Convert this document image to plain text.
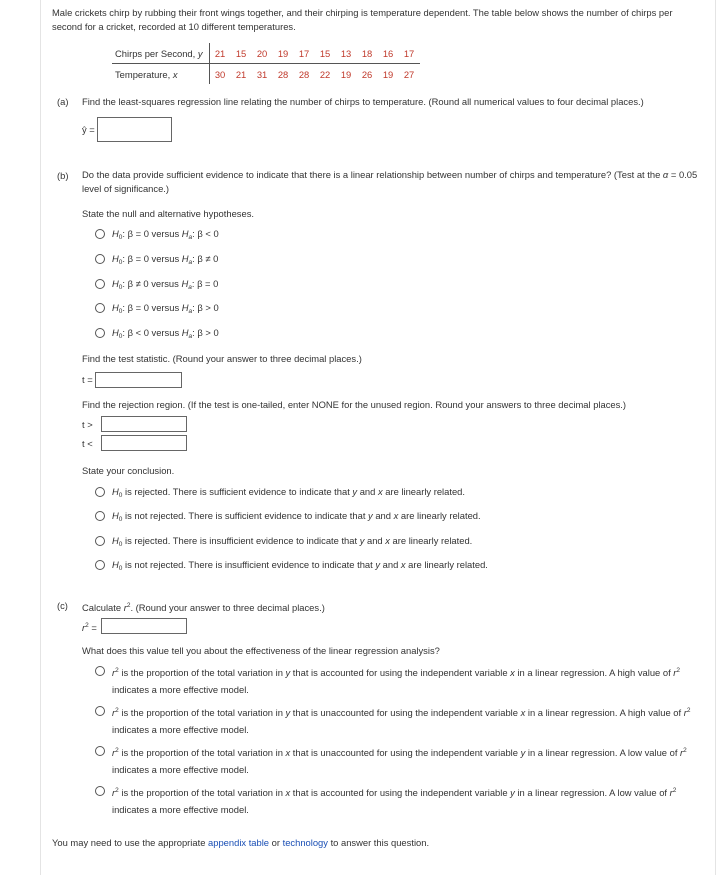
Male crickets chirp by rubbing their front wings together, and their chirping is temperature dependent. The table below shows the number of chirps per second for a cricket, recorded at 10 different temperatures.
Chirps per Second, y	21	15	20	19	17	15	13	18	16	17
Temperature, x	30	21	31	28	28	22	19	26	19	27
(a) Find the least-squares regression line relating the number of chirps to temperature. (Round all numerical values to four decimal places.)
ŷ =
(b) Do the data provide sufficient evidence to indicate that there is a linear relationship between number of chirps and temperature? (Test at the α = 0.05 level of significance.)
State the null and alternative hypotheses.
$H_0$: β = 0 versus $H_a$: β < 0
$H_0$: β = 0 versus $H_a$: β ≠ 0
$H_0$: β ≠ 0 versus $H_a$: β = 0
$H_0$: β = 0 versus $H_a$: β > 0
$H_0$: β < 0 versus $H_a$: β > 0
Find the test statistic. (Round your answer to three decimal places.)
t =
Find the rejection region. (If the test is one-tailed, enter NONE for the unused region. Round your answers to three decimal places.)
t >
t <
State your conclusion.
$H_0$ is rejected. There is sufficient evidence to indicate that y and x are linearly related.
$H_0$ is not rejected. There is sufficient evidence to indicate that y and x are linearly related.
$H_0$ is rejected. There is insufficient evidence to indicate that y and x are linearly related.
$H_0$ is not rejected. There is insufficient evidence to indicate that y and x are linearly related.
(c) Calculate $r^2$. (Round your answer to three decimal places.)
$r^2$ =
What does this value tell you about the effectiveness of the linear regression analysis?
$r^2$ is the proportion of the total variation in y that is accounted for using the independent variable x in a linear regression. A high value of $r^2$ indicates a more effective model.
$r^2$ is the proportion of the total variation in y that is unaccounted for using the independent variable x in a linear regression. A high value of $r^2$ indicates a more effective model.
$r^2$ is the proportion of the total variation in x that is unaccounted for using the independent variable y in a linear regression. A low value of $r^2$ indicates a more effective model.
$r^2$ is the proportion of the total variation in x that is accounted for using the independent variable y in a linear regression. A low value of $r^2$ indicates a more effective model.
You may need to use the appropriate appendix table or technology to answer this question.
